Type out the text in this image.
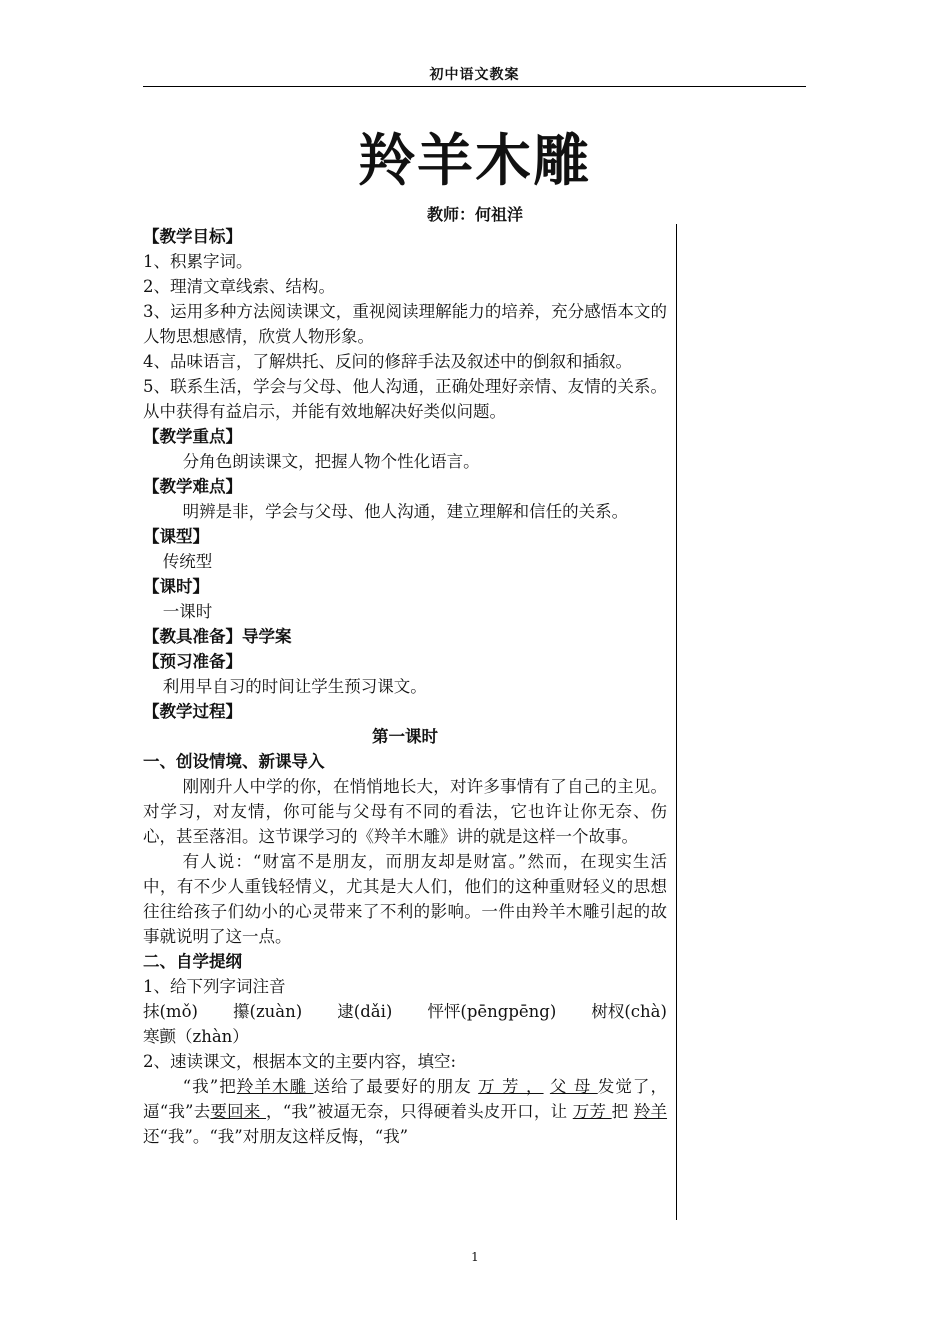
初中语文教案
羚羊木雕
教师：何祖洋

【教学目标】

1、积累字词。

2、理清文章线索、结构。

3、运用多种方法阅读课文，重视阅读理解能力的培养，充分感悟本文的人物思想感情，欣赏人物形象。

4、品味语言，了解烘托、反问的修辞手法及叙述中的倒叙和插叙。

5、联系生活，学会与父母、他人沟通，正确处理好亲情、友情的关系。从中获得有益启示，并能有效地解决好类似问题。

【教学重点】

分角色朗读课文，把握人物个性化语言。

【教学难点】

明辨是非，学会与父母、他人沟通，建立理解和信任的关系。

【课型】

传统型

【课时】

一课时

【教具准备】导学案

【预习准备】

利用早自习的时间让学生预习课文。

【教学过程】

第一课时

一、创设情境、新课导入

刚刚升人中学的你，在悄悄地长大，对许多事情有了自己的主见。对学习，对友情，你可能与父母有不同的看法，它也许让你无奈、伤心，甚至落泪。这节课学习的《羚羊木雕》讲的就是这样一个故事。

有人说：“财富不是朋友，而朋友却是财富。”然而，在现实生活中，有不少人重钱轻情义，尤其是大人们，他们的这种重财轻义的思想往往给孩子们幼小的心灵带来了不利的影响。一件由羚羊木雕引起的故事就说明了这一点。

二、自学提纲

1、给下列字词注音

抹(mǒ) 攥(zuàn) 逮(dǎi) 怦怦(pēngpēng) 树杈(chà)

寒颤（zhàn）

2、速读课文，根据本文的主要内容，填空:

“我”把羚羊木雕 送给了最要好的朋友 万 芳 ， 父 母 发觉了，逼“我”去要回来 ，“我”被逼无奈，只得硬着头皮开口，让 万芳 把 羚羊 还“我”。“我”对朋友这样反悔，“我”

1
